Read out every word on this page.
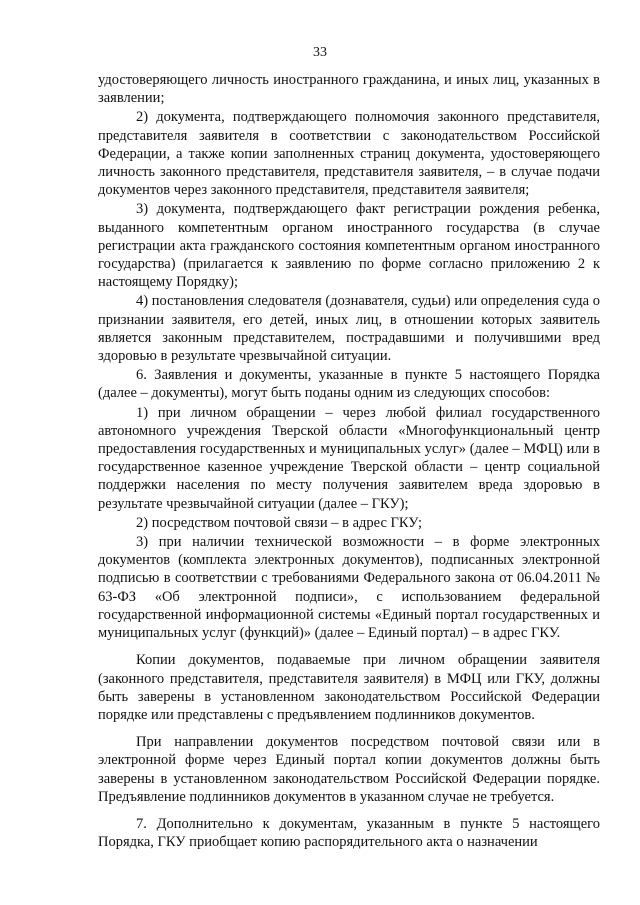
33

удостоверяющего личность иностранного гражданина, и иных лиц, указанных в заявлении;

2) документа, подтверждающего полномочия законного представителя, представителя заявителя в соответствии с законодательством Российской Федерации, а также копии заполненных страниц документа, удостоверяющего личность законного представителя, представителя заявителя, – в случае подачи документов через законного представителя, представителя заявителя;

3) документа, подтверждающего факт регистрации рождения ребенка, выданного компетентным органом иностранного государства (в случае регистрации акта гражданского состояния компетентным органом иностранного государства) (прилагается к заявлению по форме согласно приложению 2 к настоящему Порядку);

4) постановления следователя (дознавателя, судьи) или определения суда о признании заявителя, его детей, иных лиц, в отношении которых заявитель является законным представителем, пострадавшими и получившими вред здоровью в результате чрезвычайной ситуации.

6. Заявления и документы, указанные в пункте 5 настоящего Порядка (далее – документы), могут быть поданы одним из следующих способов:

1) при личном обращении – через любой филиал государственного автономного учреждения Тверской области «Многофункциональный центр предоставления государственных и муниципальных услуг» (далее – МФЦ) или в государственное казенное учреждение Тверской области – центр социальной поддержки населения по месту получения заявителем вреда здоровью в результате чрезвычайной ситуации (далее – ГКУ);

2) посредством почтовой связи – в адрес ГКУ;

3) при наличии технической возможности – в форме электронных документов (комплекта электронных документов), подписанных электронной подписью в соответствии с требованиями Федерального закона от 06.04.2011 № 63-ФЗ «Об электронной подписи», с использованием федеральной государственной информационной системы «Единый портал государственных и муниципальных услуг (функций)» (далее – Единый портал) – в адрес ГКУ.

Копии документов, подаваемые при личном обращении заявителя (законного представителя, представителя заявителя) в МФЦ или ГКУ, должны быть заверены в установленном законодательством Российской Федерации порядке или представлены с предъявлением подлинников документов.

При направлении документов посредством почтовой связи или в электронной форме через Единый портал копии документов должны быть заверены в установленном законодательством Российской Федерации порядке. Предъявление подлинников документов в указанном случае не требуется.

7. Дополнительно к документам, указанным в пункте 5 настоящего Порядка, ГКУ приобщает копию распорядительного акта о назначении
